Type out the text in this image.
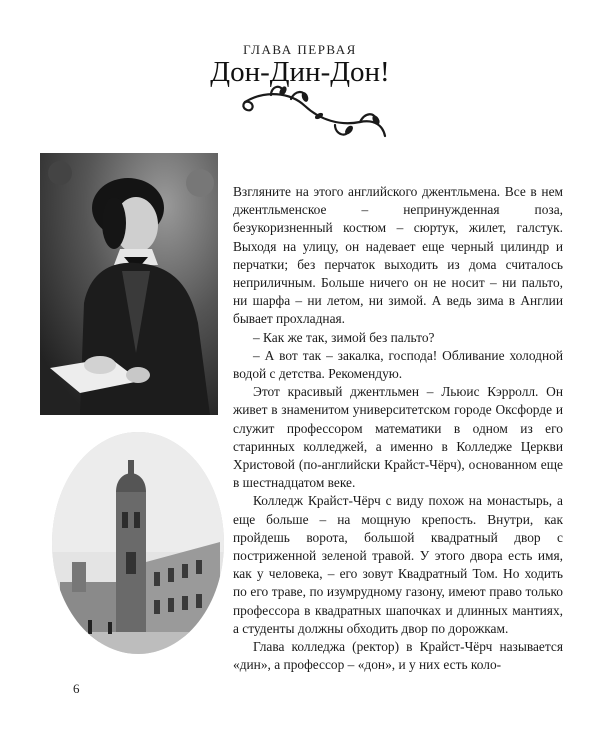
ГЛАВА ПЕРВАЯ
Дон-Дин-Дон!

Взгляните на этого английского джентльмена. Все в нем джентльменское – непринужденная поза, безукоризненный костюм – сюртук, жилет, галстук. Выходя на улицу, он надевает еще черный цилиндр и перчатки; без перчаток выходить из дома считалось неприличным. Больше ничего он не носит – ни пальто, ни шарфа – ни летом, ни зимой. А ведь зима в Англии бывает прохладная.

– Как же так, зимой без пальто?

– А вот так – закалка, господа! Обливание холодной водой с детства. Рекомендую.

Этот красивый джентльмен – Льюис Кэрролл. Он живет в знаменитом университетском городе Оксфорде и служит профессором математики в одном из его старинных колледжей, а именно в Колледже Церкви Христовой (по-английски Крайст-Чёрч), основанном еще в шестнадцатом веке.

Колледж Крайст-Чёрч с виду похож на монастырь, а еще больше – на мощную крепость. Внутри, как пройдешь ворота, большой квадратный двор с постриженной зеленой травой. У этого двора есть имя, как у человека, – его зовут Квадратный Том. Но ходить по его траве, по изумрудному газону, имеют право только профессора в квадратных шапочках и длинных мантиях, а студенты должны обходить двор по дорожкам.

Глава колледжа (ректор) в Крайст-Чёрч называется «дин», а профессор – «дон», и у них есть коло-

6
